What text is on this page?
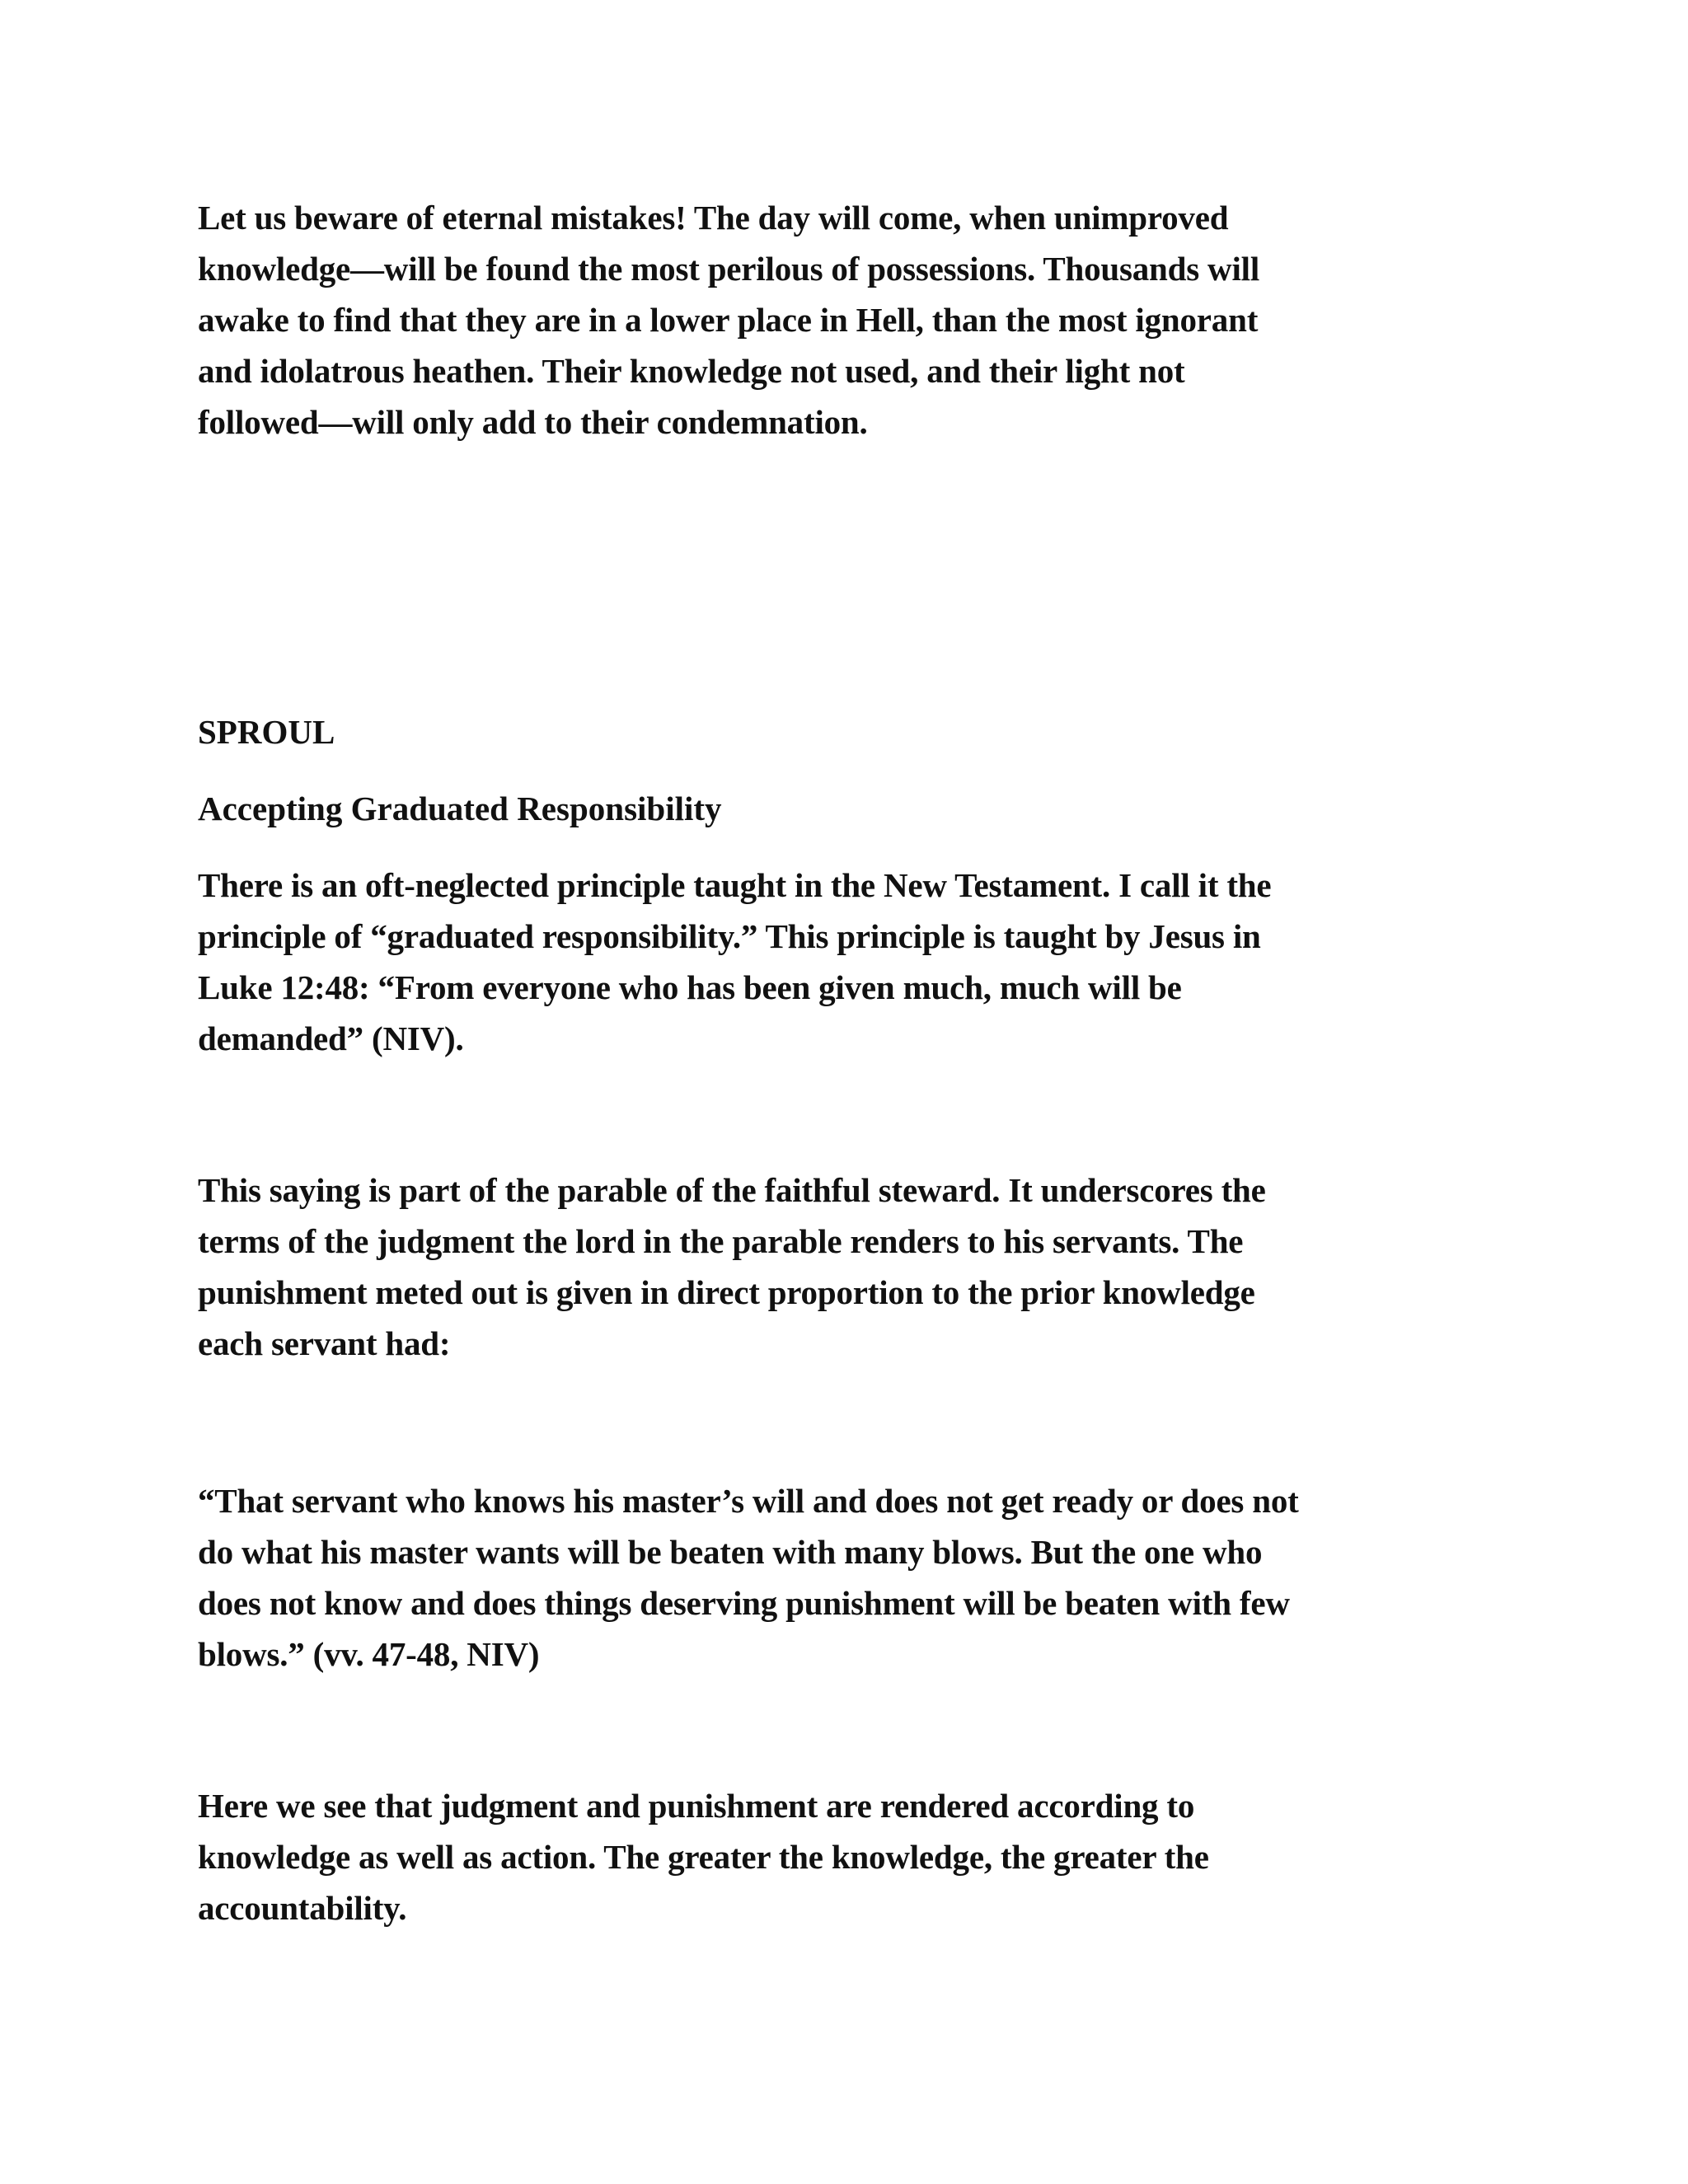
Let us beware of eternal mistakes! The day will come, when unimproved
knowledge—will be found the most perilous of possessions. Thousands will
awake to find that they are in a lower place in Hell, than the most ignorant
and idolatrous heathen. Their knowledge not used, and their light not
followed—will only add to their condemnation.

SPROUL
Accepting Graduated Responsibility

There is an oft-neglected principle taught in the New Testament. I call it the
principle of “graduated responsibility.” This principle is taught by Jesus in
Luke 12:48: “From everyone who has been given much, much will be
demanded” (NIV).

This saying is part of the parable of the faithful steward. It underscores the
terms of the judgment the lord in the parable renders to his servants. The
punishment meted out is given in direct proportion to the prior knowledge
each servant had:

“That servant who knows his master’s will and does not get ready or does not
do what his master wants will be beaten with many blows. But the one who
does not know and does things deserving punishment will be beaten with few
blows.” (vv. 47-48, NIV)

Here we see that judgment and punishment are rendered according to
knowledge as well as action. The greater the knowledge, the greater the
accountability.
